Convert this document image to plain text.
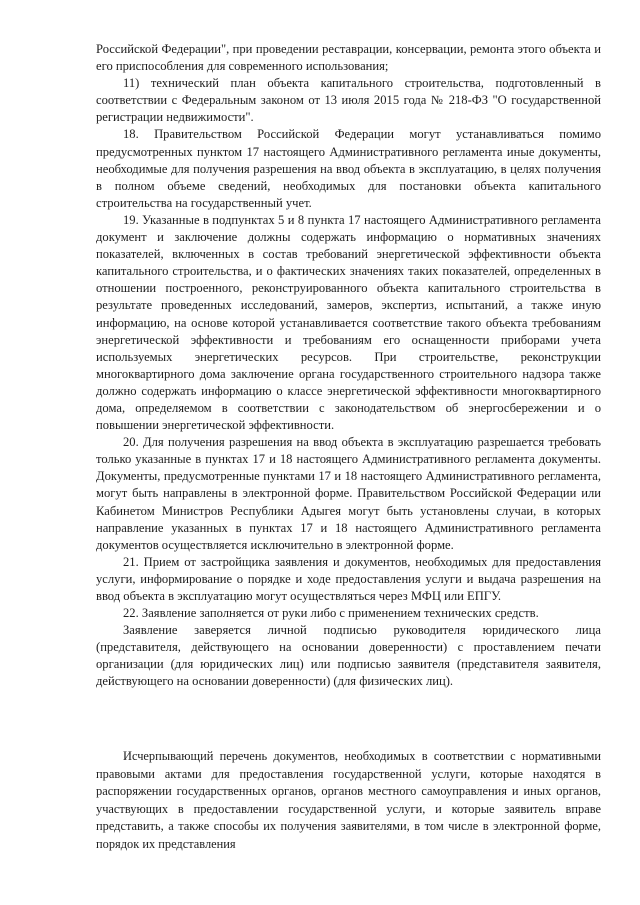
Российской Федерации", при проведении реставрации, консервации, ремонта этого объекта и его приспособления для современного использования;

11) технический план объекта капитального строительства, подготовленный в соответствии с Федеральным законом от 13 июля 2015 года № 218-ФЗ "О государственной регистрации недвижимости".

18. Правительством Российской Федерации могут устанавливаться помимо предусмотренных пунктом 17 настоящего Административного регламента иные документы, необходимые для получения разрешения на ввод объекта в эксплуатацию, в целях получения в полном объеме сведений, необходимых для постановки объекта капитального строительства на государственный учет.

19. Указанные в подпунктах 5 и 8 пункта 17 настоящего Административного регламента документ и заключение должны содержать информацию о нормативных значениях показателей, включенных в состав требований энергетической эффективности объекта капитального строительства, и о фактических значениях таких показателей, определенных в отношении построенного, реконструированного объекта капитального строительства в результате проведенных исследований, замеров, экспертиз, испытаний, а также иную информацию, на основе которой устанавливается соответствие такого объекта требованиям энергетической эффективности и требованиям его оснащенности приборами учета используемых энергетических ресурсов. При строительстве, реконструкции многоквартирного дома заключение органа государственного строительного надзора также должно содержать информацию о классе энергетической эффективности многоквартирного дома, определяемом в соответствии с законодательством об энергосбережении и о повышении энергетической эффективности.

20. Для получения разрешения на ввод объекта в эксплуатацию разрешается требовать только указанные в пунктах 17 и 18 настоящего Административного регламента документы. Документы, предусмотренные пунктами 17 и 18 настоящего Административного регламента, могут быть направлены в электронной форме. Правительством Российской Федерации или Кабинетом Министров Республики Адыгея могут быть установлены случаи, в которых направление указанных в пунктах 17 и 18 настоящего Административного регламента документов осуществляется исключительно в электронной форме.

21. Прием от застройщика заявления и документов, необходимых для предоставления услуги, информирование о порядке и ходе предоставления услуги и выдача разрешения на ввод объекта в эксплуатацию могут осуществляться через МФЦ или ЕПГУ.

22. Заявление заполняется от руки либо с применением технических средств.

Заявление заверяется личной подписью руководителя юридического лица (представителя, действующего на основании доверенности) с проставлением печати организации (для юридических лиц) или подписью заявителя (представителя заявителя, действующего на основании доверенности) (для физических лиц).

Исчерпывающий перечень документов, необходимых в соответствии с нормативными правовыми актами для предоставления государственной услуги, которые находятся в распоряжении государственных органов, органов местного самоуправления и иных органов, участвующих в предоставлении государственной услуги, и которые заявитель вправе представить, а также способы их получения заявителями, в том числе в электронной форме, порядок их представления
